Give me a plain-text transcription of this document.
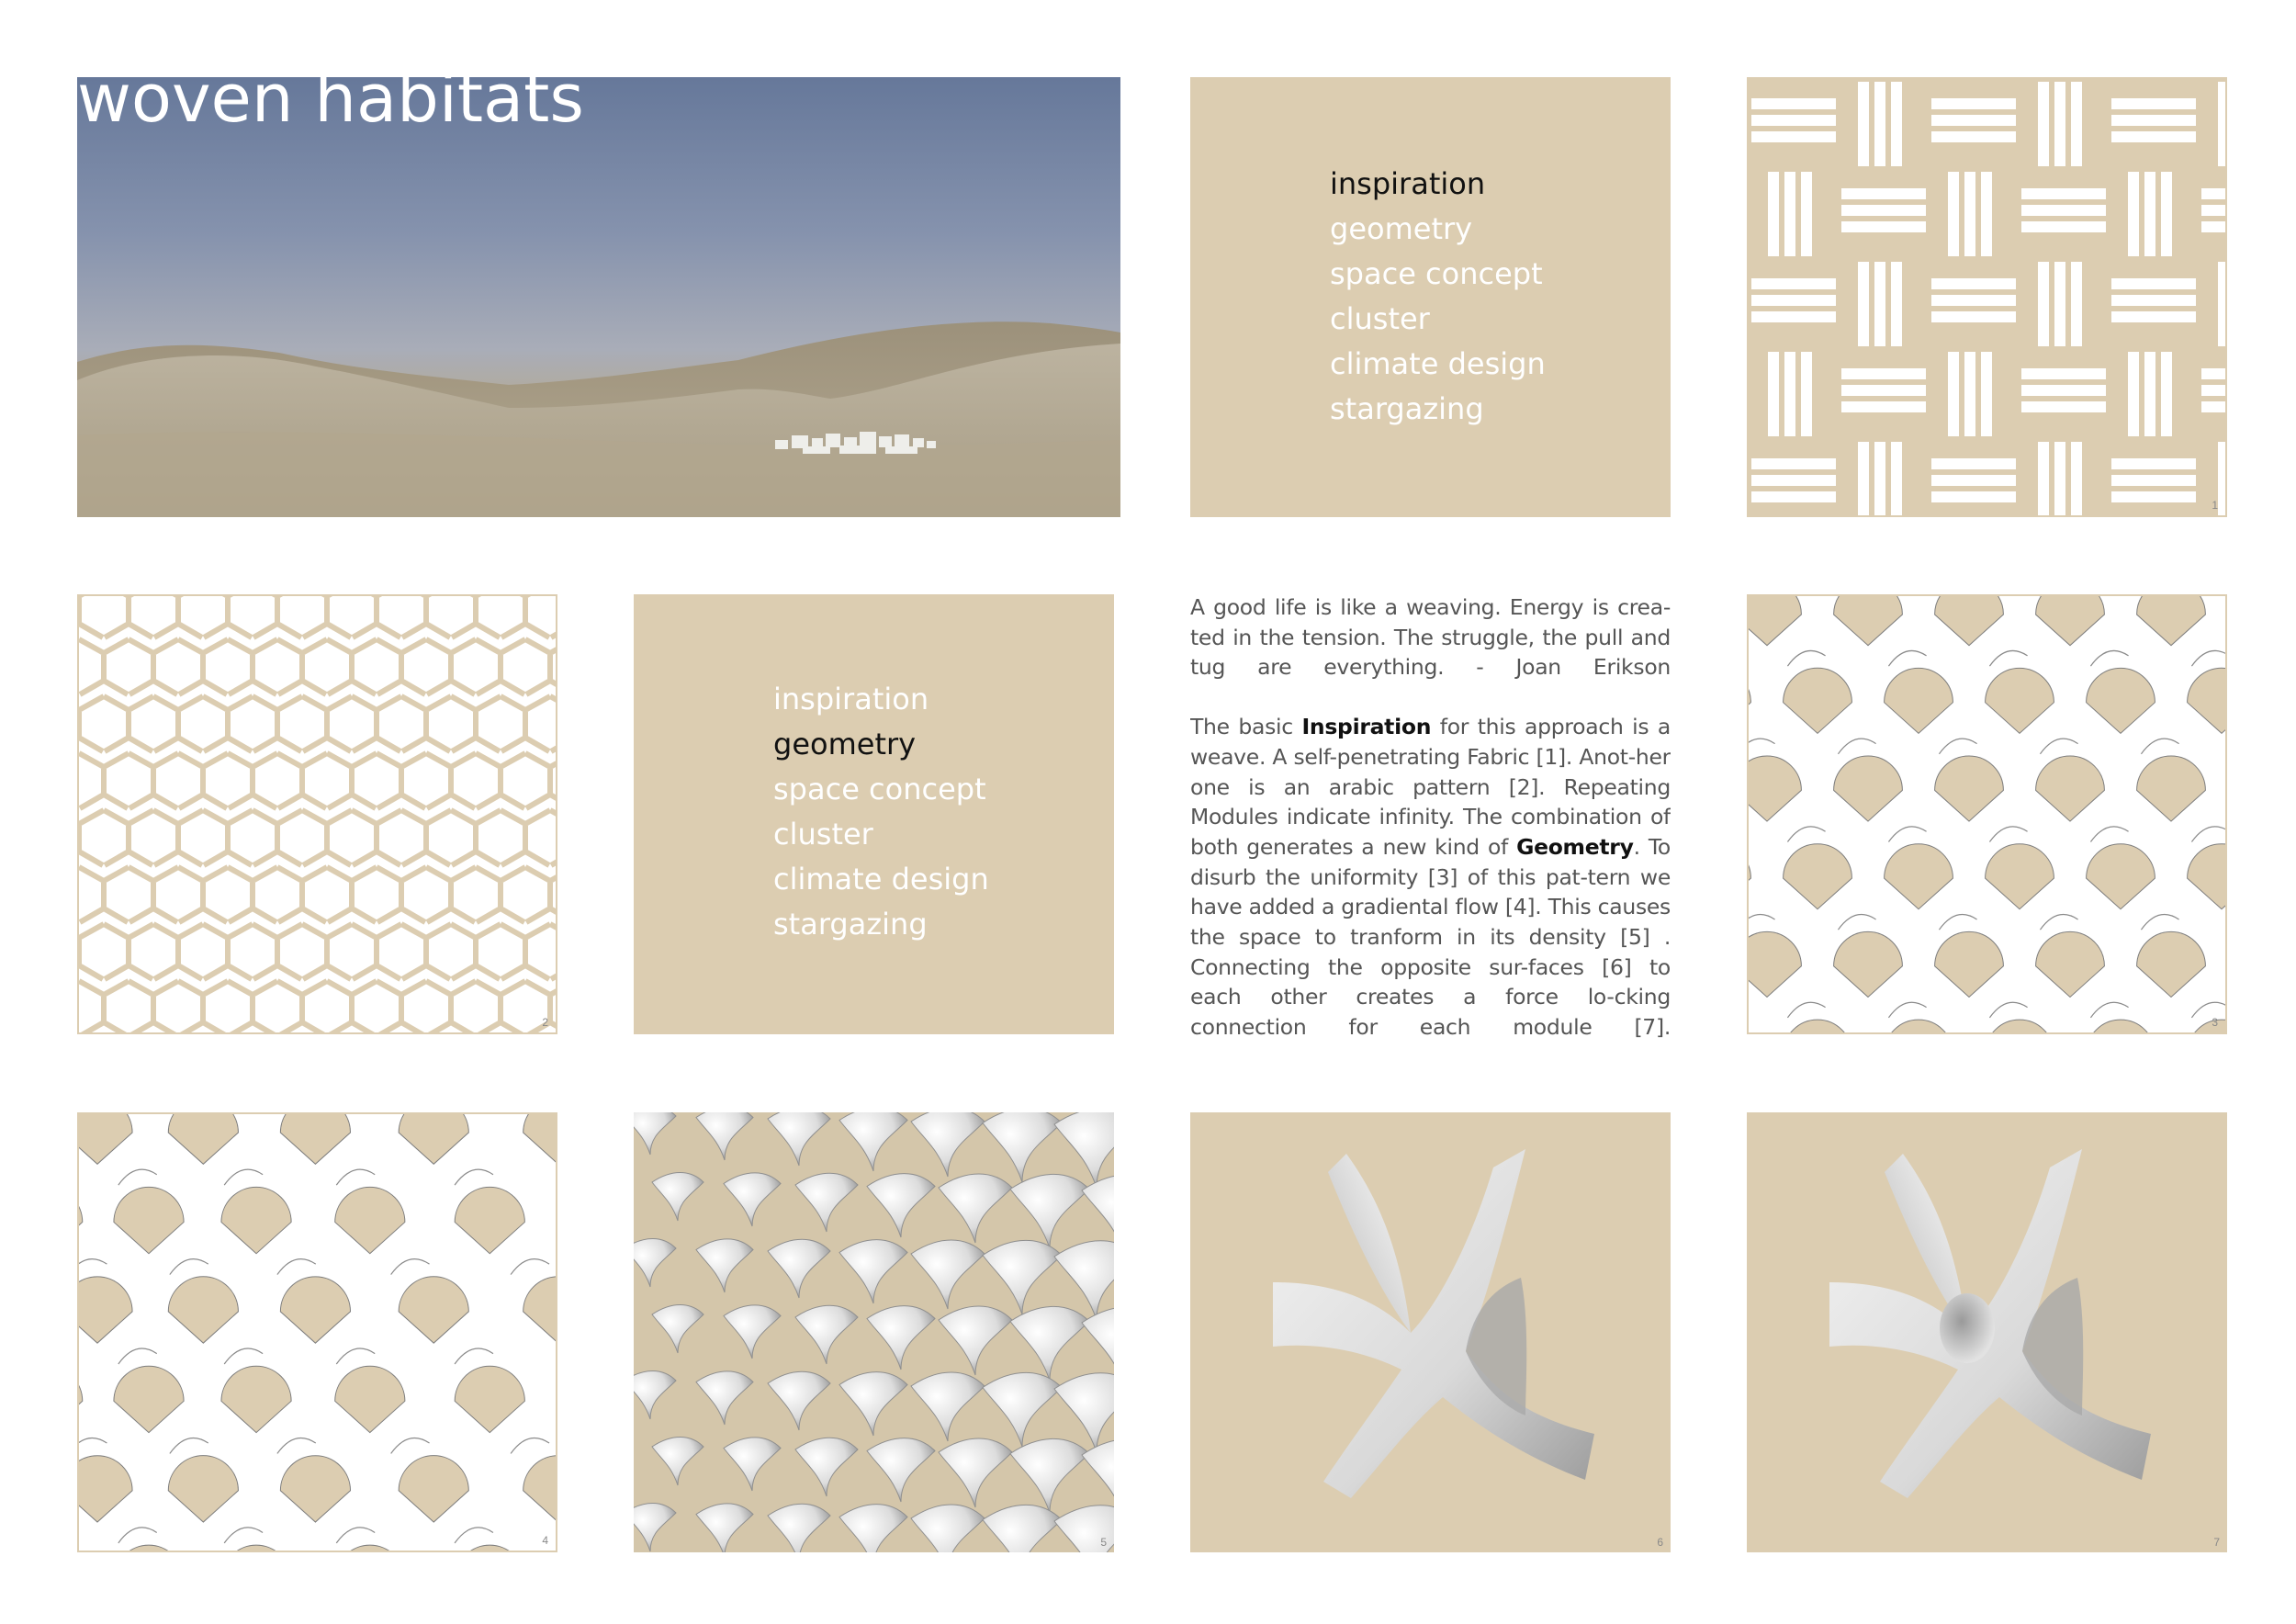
woven habitats
inspiration
geometry
space concept
cluster
climate design
stargazing
1
2
inspiration
geometry
space concept
cluster
climate design
stargazing

A good life is like a weaving. Energy is crea-ted in the tension. The struggle, the pull and tug are everything. - Joan Erikson

The basic Inspiration for this approach is a weave. A self-penetrating Fabric [1]. Anot-her one is an arabic pattern [2]. Repeating Modules indicate infinity. The combination of both generates a new kind of Geometry. To disurb the uniformity [3] of this pat-tern we have added a gradiental flow [4]. This causes the space to tranform in its density [5] . Connecting the opposite sur-faces [6] to each other creates a force lo-cking connection for each module [7].	3
4	5	6	7
